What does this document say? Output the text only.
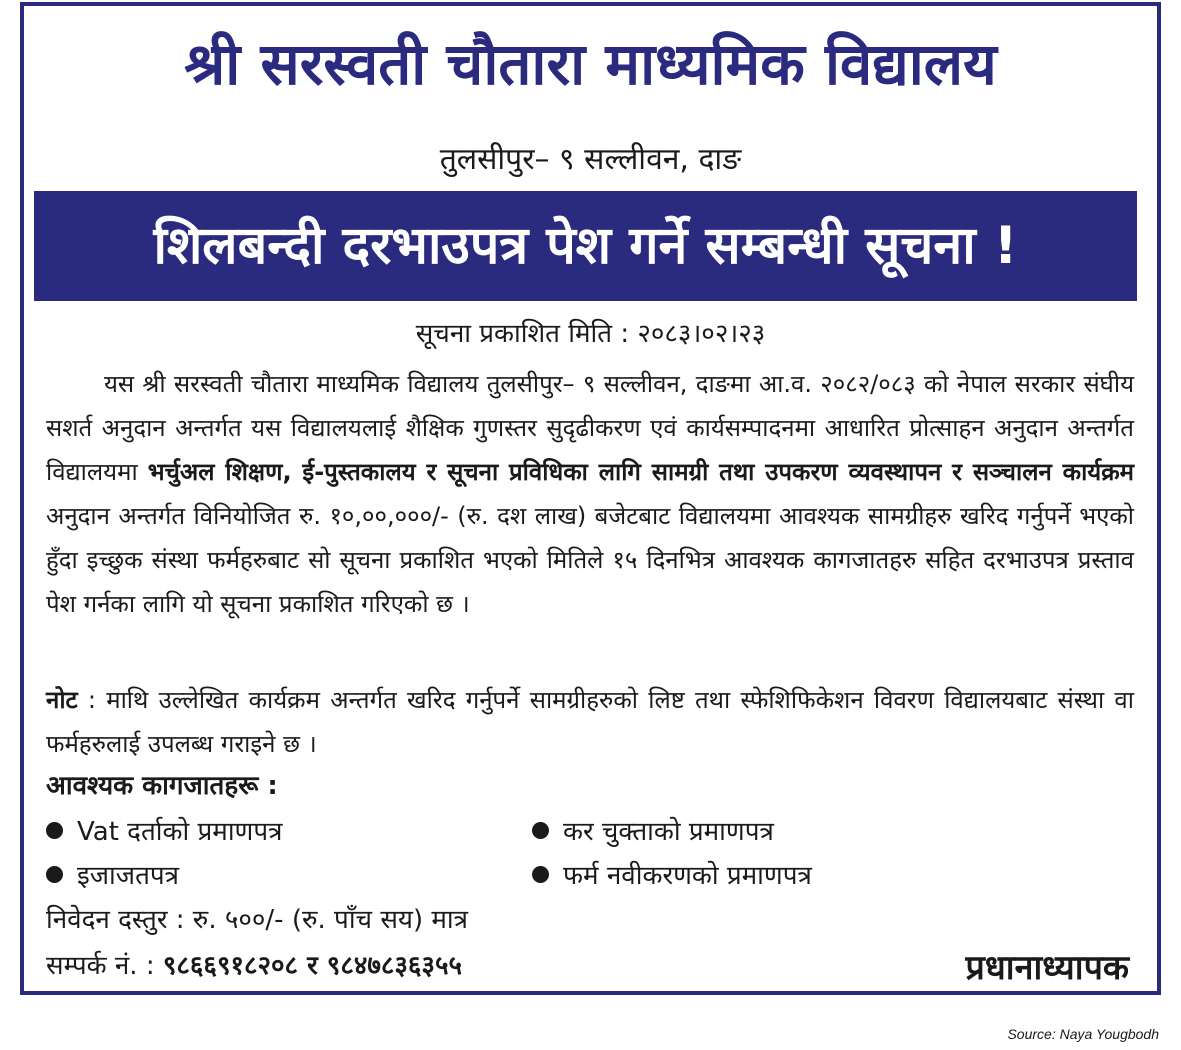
श्री सरस्वती चौतारा माध्यमिक विद्यालय
तुलसीपुर– ९ सल्लीवन, दाङ
शिलबन्दी दरभाउपत्र पेश गर्ने सम्बन्धी सूचना !
सूचना प्रकाशित मिति : २०८३।०२।२३

यस श्री सरस्वती चौतारा माध्यमिक विद्यालय तुलसीपुर– ९ सल्लीवन, दाङमा आ.व. २०८२/०८३ को नेपाल सरकार संघीय सशर्त अनुदान अन्तर्गत यस विद्यालयलाई शैक्षिक गुणस्तर सुदृढीकरण एवं कार्यसम्पादनमा आधारित प्रोत्साहन अनुदान अन्तर्गत विद्यालयमा भर्चुअल शिक्षण, ई-पुस्तकालय र सूचना प्रविधिका लागि सामग्री तथा उपकरण व्यवस्थापन र सञ्चालन कार्यक्रम अनुदान अन्तर्गत विनियोजित रु. १०,००,०००/- (रु. दश लाख) बजेटबाट विद्यालयमा आवश्यक सामग्रीहरु खरिद गर्नुपर्ने भएको हुँदा इच्छुक संस्था फर्महरुबाट सो सूचना प्रकाशित भएको मितिले १५ दिनभित्र आवश्यक कागजातहरु सहित दरभाउपत्र प्रस्ताव पेश गर्नका लागि यो सूचना प्रकाशित गरिएको छ ।

नोट : माथि उल्लेखित कार्यक्रम अन्तर्गत खरिद गर्नुपर्ने सामग्रीहरुको लिष्ट तथा स्फेशिफिकेशन विवरण विद्यालयबाट संस्था वा फर्महरुलाई उपलब्ध गराइने छ ।

आवश्यक कागजातहरू :
Vat दर्ताको प्रमाणपत्र	कर चुक्ताको प्रमाणपत्र
इजाजतपत्र	फर्म नवीकरणको प्रमाणपत्र
निवेदन दस्तुर : रु. ५००/- (रु. पाँच सय) मात्र
सम्पर्क नं. : ९८६६९१८२०८ र ९८४७८३६३५५	प्रधानाध्यापक
Source: Naya Yougbodh
